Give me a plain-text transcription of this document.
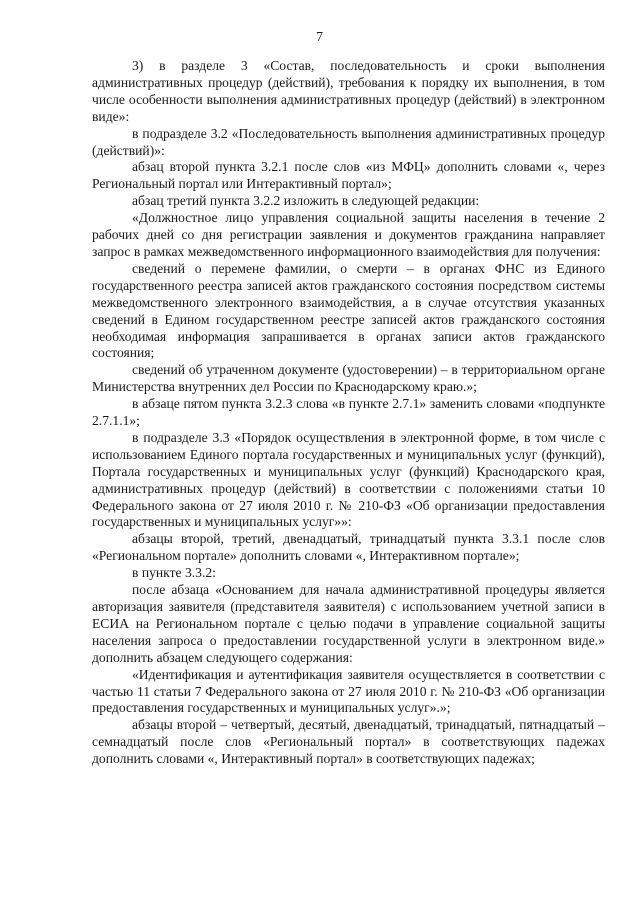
7

3) в разделе 3 «Состав, последовательность и сроки выполнения административных процедур (действий), требования к порядку их выполнения, в том числе особенности выполнения административных процедур (действий) в электронном виде»:

в подразделе 3.2 «Последовательность выполнения административных процедур (действий)»:

абзац второй пункта 3.2.1 после слов «из МФЦ» дополнить словами «, через Региональный портал или Интерактивный портал»;

абзац третий пункта 3.2.2 изложить в следующей редакции:

«Должностное лицо управления социальной защиты населения в течение 2 рабочих дней со дня регистрации заявления и документов гражданина направляет запрос в рамках межведомственного информационного взаимодействия для получения:

сведений о перемене фамилии, о смерти – в органах ФНС из Единого государственного реестра записей актов гражданского состояния посредством системы межведомственного электронного взаимодействия, а в случае отсутствия указанных сведений в Едином государственном реестре записей актов гражданского состояния необходимая информация запрашивается в органах записи актов гражданского состояния;

сведений об утраченном документе (удостоверении) – в территориальном органе Министерства внутренних дел России по Краснодарскому краю.»;

в абзаце пятом пункта 3.2.3 слова «в пункте 2.7.1» заменить словами «подпункте 2.7.1.1»;

в подразделе 3.3 «Порядок осуществления в электронной форме, в том числе с использованием Единого портала государственных и муниципальных услуг (функций), Портала государственных и муниципальных услуг (функций) Краснодарского края, административных процедур (действий) в соответствии с положениями статьи 10 Федерального закона от 27 июля 2010 г. № 210-ФЗ «Об организации предоставления государственных и муниципальных услуг»»:

абзацы второй, третий, двенадцатый, тринадцатый пункта 3.3.1 после слов «Региональном портале» дополнить словами «, Интерактивном портале»;

в пункте 3.3.2:

после абзаца «Основанием для начала административной процедуры является авторизация заявителя (представителя заявителя) с использованием учетной записи в ЕСИА на Региональном портале с целью подачи в управление социальной защиты населения запроса о предоставлении государственной услуги в электронном виде.» дополнить абзацем следующего содержания:

«Идентификация и аутентификация заявителя осуществляется в соответствии с частью 11 статьи 7 Федерального закона от 27 июля 2010 г. № 210-ФЗ «Об организации предоставления государственных и муниципальных услуг».»;

абзацы второй – четвертый, десятый, двенадцатый, тринадцатый, пятнадцатый – семнадцатый после слов «Региональный портал» в соответствующих падежах дополнить словами «, Интерактивный портал» в соответствующих падежах;
